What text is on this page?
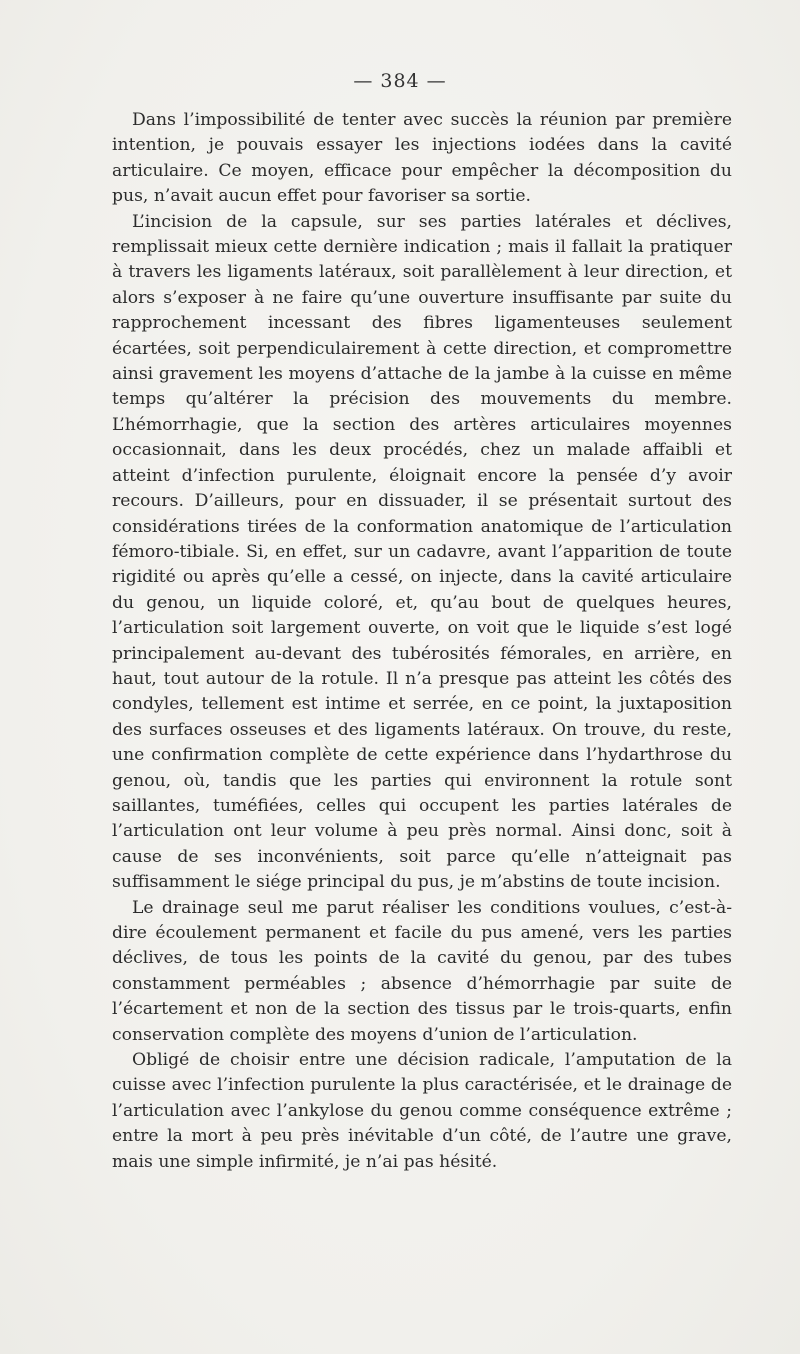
— 384 —

Dans l’impossibilité de tenter avec succès la réunion par première intention, je pouvais essayer les injections iodées dans la cavité articulaire. Ce moyen, efficace pour empêcher la décomposition du pus, n’avait aucun effet pour favoriser sa sortie.

L’incision de la capsule, sur ses parties latérales et déclives, remplissait mieux cette dernière indication ; mais il fallait la pratiquer à travers les ligaments latéraux, soit parallèlement à leur direction, et alors s’exposer à ne faire qu’une ouverture insuffisante par suite du rapprochement incessant des fibres ligamenteuses seulement écartées, soit perpendiculairement à cette direction, et compromettre ainsi gravement les moyens d’attache de la jambe à la cuisse en même temps qu’altérer la précision des mouvements du membre. L’hémorrhagie, que la section des artères articulaires moyennes occasionnait, dans les deux procédés, chez un malade affaibli et atteint d’infection purulente, éloignait encore la pensée d’y avoir recours. D’ailleurs, pour en dissuader, il se présentait surtout des considérations tirées de la conformation anatomique de l’articulation fémoro-tibiale. Si, en effet, sur un cadavre, avant l’apparition de toute rigidité ou après qu’elle a cessé, on injecte, dans la cavité articulaire du genou, un liquide coloré, et, qu’au bout de quelques heures, l’articulation soit largement ouverte, on voit que le liquide s’est logé principalement au-devant des tubérosités fémorales, en arrière, en haut, tout autour de la rotule. Il n’a presque pas atteint les côtés des condyles, tellement est intime et serrée, en ce point, la juxtaposition des surfaces osseuses et des ligaments latéraux. On trouve, du reste, une confirmation complète de cette expérience dans l’hydarthrose du genou, où, tandis que les parties qui environnent la rotule sont saillantes, tuméfiées, celles qui occupent les parties latérales de l’articulation ont leur volume à peu près normal. Ainsi donc, soit à cause de ses inconvénients, soit parce qu’elle n’atteignait pas suffisamment le siége principal du pus, je m’abstins de toute incision.

Le drainage seul me parut réaliser les conditions voulues, c’est-à-dire écoulement permanent et facile du pus amené, vers les parties déclives, de tous les points de la cavité du genou, par des tubes constamment perméables ; absence d’hémorrhagie par suite de l’écartement et non de la section des tissus par le trois-quarts, enfin conservation complète des moyens d’union de l’articulation.

Obligé de choisir entre une décision radicale, l’amputation de la cuisse avec l’infection purulente la plus caractérisée, et le drainage de l’articulation avec l’ankylose du genou comme conséquence extrême ; entre la mort à peu près inévitable d’un côté, de l’autre une grave, mais une simple infirmité, je n’ai pas hésité.
